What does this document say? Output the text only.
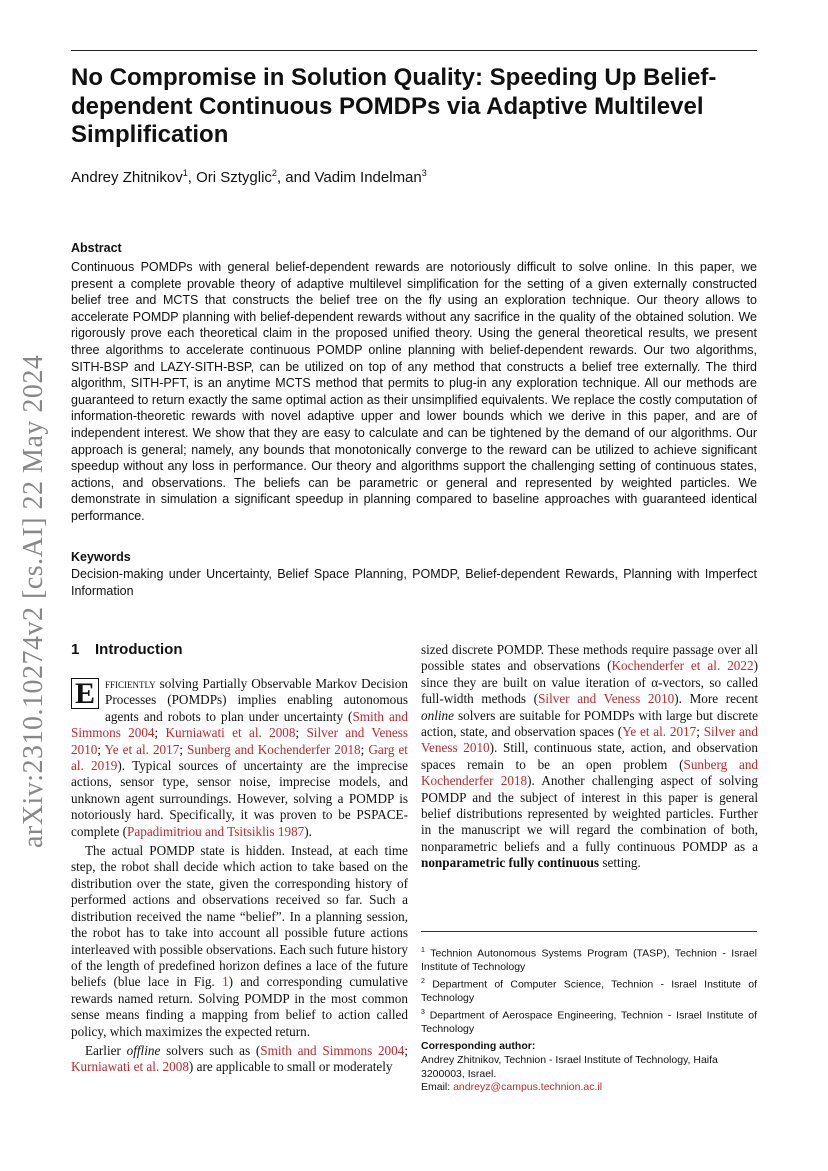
arXiv:2310.10274v2 [cs.AI] 22 May 2024
No Compromise in Solution Quality: Speeding Up Belief-dependent Continuous POMDPs via Adaptive Multilevel Simplification
Andrey Zhitnikov$^1$, Ori Sztyglic$^2$, and Vadim Indelman$^3$
Abstract
Continuous POMDPs with general belief-dependent rewards are notoriously difficult to solve online. In this paper, we present a complete provable theory of adaptive multilevel simplification for the setting of a given externally constructed belief tree and MCTS that constructs the belief tree on the fly using an exploration technique. Our theory allows to accelerate POMDP planning with belief-dependent rewards without any sacrifice in the quality of the obtained solution. We rigorously prove each theoretical claim in the proposed unified theory. Using the general theoretical results, we present three algorithms to accelerate continuous POMDP online planning with belief-dependent rewards. Our two algorithms, SITH-BSP and LAZY-SITH-BSP, can be utilized on top of any method that constructs a belief tree externally. The third algorithm, SITH-PFT, is an anytime MCTS method that permits to plug-in any exploration technique. All our methods are guaranteed to return exactly the same optimal action as their unsimplified equivalents. We replace the costly computation of information-theoretic rewards with novel adaptive upper and lower bounds which we derive in this paper, and are of independent interest. We show that they are easy to calculate and can be tightened by the demand of our algorithms. Our approach is general; namely, any bounds that monotonically converge to the reward can be utilized to achieve significant speedup without any loss in performance. Our theory and algorithms support the challenging setting of continuous states, actions, and observations. The beliefs can be parametric or general and represented by weighted particles. We demonstrate in simulation a significant speedup in planning compared to baseline approaches with guaranteed identical performance.
Keywords
Decision-making under Uncertainty, Belief Space Planning, POMDP, Belief-dependent Rewards, Planning with Imperfect Information
1 Introduction

E fficiently solving Partially Observable Markov Decision Processes (POMDPs) implies enabling autonomous agents and robots to plan under uncertainty (Smith and Simmons 2004; Kurniawati et al. 2008; Silver and Veness 2010; Ye et al. 2017; Sunberg and Kochenderfer 2018; Garg et al. 2019). Typical sources of uncertainty are the imprecise actions, sensor type, sensor noise, imprecise models, and unknown agent surroundings. However, solving a POMDP is notoriously hard. Specifically, it was proven to be PSPACE-complete (Papadimitriou and Tsitsiklis 1987).

The actual POMDP state is hidden. Instead, at each time step, the robot shall decide which action to take based on the distribution over the state, given the corresponding history of performed actions and observations received so far. Such a distribution received the name “belief”. In a planning session, the robot has to take into account all possible future actions interleaved with possible observations. Each such future history of the length of predefined horizon defines a lace of the future beliefs (blue lace in Fig. 1) and corresponding cumulative rewards named return. Solving POMDP in the most common sense means finding a mapping from belief to action called policy, which maximizes the expected return.

Earlier offline solvers such as (Smith and Simmons 2004; Kurniawati et al. 2008) are applicable to small or moderately

sized discrete POMDP. These methods require passage over all possible states and observations (Kochenderfer et al. 2022) since they are built on value iteration of α-vectors, so called full-width methods (Silver and Veness 2010). More recent online solvers are suitable for POMDPs with large but discrete action, state, and observation spaces (Ye et al. 2017; Silver and Veness 2010). Still, continuous state, action, and observation spaces remain to be an open problem (Sunberg and Kochenderfer 2018). Another challenging aspect of solving POMDP and the subject of interest in this paper is general belief distributions represented by weighted particles. Further in the manuscript we will regard the combination of both, nonparametric beliefs and a fully continuous POMDP as a nonparametric fully continuous setting.

$^1$ Technion Autonomous Systems Program (TASP), Technion - Israel Institute of Technology
$^2$ Department of Computer Science, Technion - Israel Institute of Technology
$^3$ Department of Aerospace Engineering, Technion - Israel Institute of Technology
Corresponding author:
Andrey Zhitnikov, Technion - Israel Institute of Technology, Haifa 3200003, Israel.
Email: andreyz@campus.technion.ac.il
